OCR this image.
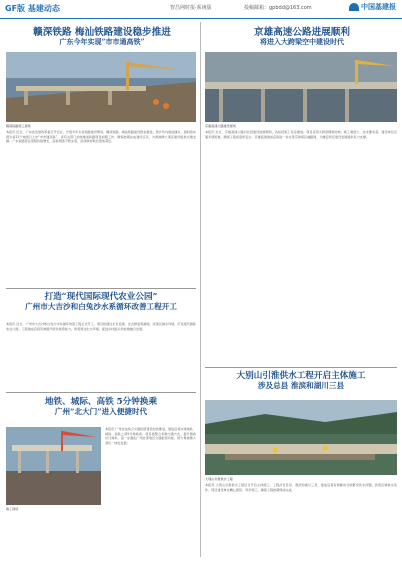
GF版 基建动态	智昌网时报·系统版	投稿邮箱：gpbdd@163.com	中国基建报
赣深铁路 梅汕铁路建设稳步推进
广东今年实现“市市通高铁”
赣深铁路施工现场
本报讯 近日，广东省发展改革委召开会议，介绍今年全省铁路建设情况。赣深铁路、梅汕铁路建设稳步推进，预计年内建成通车，届时将实现全省21个地级以上市“市市通高铁”。省有关部门加快推进铁路项目前期工作，确保按期完成建设任务，为粤港澳大湾区建设提供交通支撑。广东铁路营业里程持续增长，高铁网络不断完善，沿线城市联系更加紧密。
打造“现代国际现代农业公园”
广州市大吉沙和白兔沙水系循环改善工程开工
本报讯 近日，广州市大吉沙和白兔沙水系循环改善工程正式开工。项目将通过水系连通、生态修复等措施，改善区域水环境，打造现代国际农业公园。工程建成后将有效提升防洪排涝能力，改善周边生态环境，促进乡村振兴和农旅融合发展。
地铁、城际、高铁 5分钟换乘
广州“北大门”进入便捷时代
施工现场
本报讯 广州北站综合交通枢纽建设加快推进，建成后将实现地铁、城际、高铁之间5分钟换乘。项目将整合多种交通方式，提升旅客出行效率，进一步强化广州北部地区交通枢纽功能，助力粤港澳大湾区一体化发展。
京雄高速公路进展顺利
将进入大跨梁空中建设时代
京雄高速公路建设现场
本报讯 近日，京雄高速公路河北段建设进展顺利，各标段施工有序推进。项目采用大跨度钢梁结构，施工难度大、技术要求高。建设单位克服多项困难，确保工程质量和安全。京雄高速建成后将进一步完善京津冀区域路网，为雄安新区建设发展提供有力支撑。
大别山引淮供水工程开启主体施工
涉及总县 淮滨和湖川三县
大别山引淮供水工程
本报讯 大别山引淮供水工程近日开启主体施工。工程涉及息县、淮滨和潢川三县，建成后将有效解决当地群众饮水问题，改善区域供水条件。项目建设单位精心组织，科学施工，确保工程按期保质完成。
